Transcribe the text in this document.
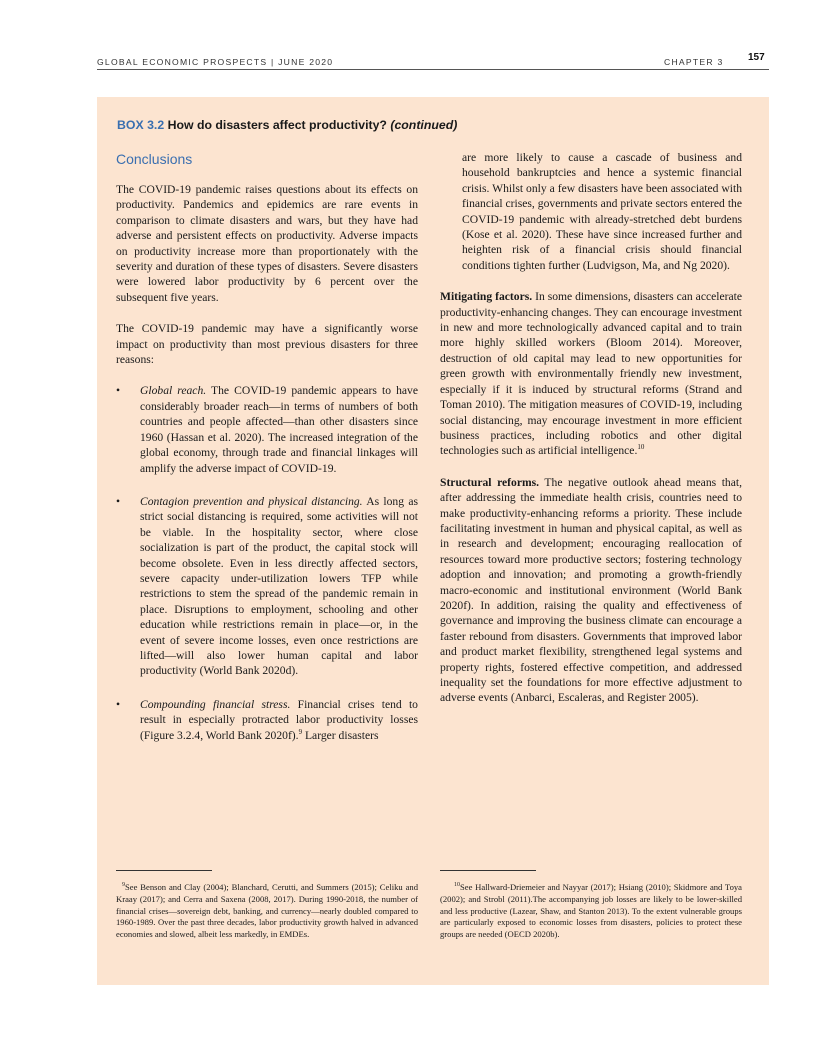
GLOBAL ECONOMIC PROSPECTS | JUNE 2020	CHAPTER 3 157
BOX 3.2 How do disasters affect productivity? (continued)
Conclusions

The COVID-19 pandemic raises questions about its effects on productivity. Pandemics and epidemics are rare events in comparison to climate disasters and wars, but they have had adverse and persistent effects on productivity. Adverse impacts on productivity increase more than proportionately with the severity and duration of these types of disasters. Severe disasters were lowered labor productivity by 6 percent over the subsequent five years.

The COVID-19 pandemic may have a significantly worse impact on productivity than most previous disasters for three reasons:

• Global reach. The COVID-19 pandemic appears to have considerably broader reach—in terms of numbers of both countries and people affected—than other disasters since 1960 (Hassan et al. 2020). The increased integration of the global economy, through trade and financial linkages will amplify the adverse impact of COVID-19.
• Contagion prevention and physical distancing. As long as strict social distancing is required, some activities will not be viable. In the hospitality sector, where close socialization is part of the product, the capital stock will become obsolete. Even in less directly affected sectors, severe capacity under-utilization lowers TFP while restrictions to stem the spread of the pandemic remain in place. Disruptions to employment, schooling and other education while restrictions remain in place—or, in the event of severe income losses, even once restrictions are lifted—will also lower human capital and labor productivity (World Bank 2020d).
• Compounding financial stress. Financial crises tend to result in especially protracted labor productivity losses (Figure 3.2.4, World Bank 2020f).$^9$ Larger disasters

are more likely to cause a cascade of business and household bankruptcies and hence a systemic financial crisis. Whilst only a few disasters have been associated with financial crises, governments and private sectors entered the COVID-19 pandemic with already-stretched debt burdens (Kose et al. 2020). These have since increased further and heighten risk of a financial crisis should financial conditions tighten further (Ludvigson, Ma, and Ng 2020).

Mitigating factors. In some dimensions, disasters can accelerate productivity-enhancing changes. They can encourage investment in new and more technologically advanced capital and to train more highly skilled workers (Bloom 2014). Moreover, destruction of old capital may lead to new opportunities for green growth with environmentally friendly new investment, especially if it is induced by structural reforms (Strand and Toman 2010). The mitigation measures of COVID-19, including social distancing, may encourage investment in more efficient business practices, including robotics and other digital technologies such as artificial intelligence.$^{10}$

Structural reforms. The negative outlook ahead means that, after addressing the immediate health crisis, countries need to make productivity-enhancing reforms a priority. These include facilitating investment in human and physical capital, as well as in research and development; encouraging reallocation of resources toward more productive sectors; fostering technology adoption and innovation; and promoting a growth-friendly macro-economic and institutional environment (World Bank 2020f). In addition, raising the quality and effectiveness of governance and improving the business climate can encourage a faster rebound from disasters. Governments that improved labor and product market flexibility, strengthened legal systems and property rights, fostered effective competition, and addressed inequality set the foundations for more effective adjustment to adverse events (Anbarci, Escaleras, and Register 2005).

$^9$See Benson and Clay (2004); Blanchard, Cerutti, and Summers (2015); Celiku and Kraay (2017); and Cerra and Saxena (2008, 2017). During 1990-2018, the number of financial crises—sovereign debt, banking, and currency—nearly doubled compared to 1960-1989. Over the past three decades, labor productivity growth halved in advanced economies and slowed, albeit less markedly, in EMDEs.
$^{10}$See Hallward-Driemeier and Nayyar (2017); Hsiang (2010); Skidmore and Toya (2002); and Strobl (2011).The accompanying job losses are likely to be lower-skilled and less productive (Lazear, Shaw, and Stanton 2013). To the extent vulnerable groups are particularly exposed to economic losses from disasters, policies to protect these groups are needed (OECD 2020b).
